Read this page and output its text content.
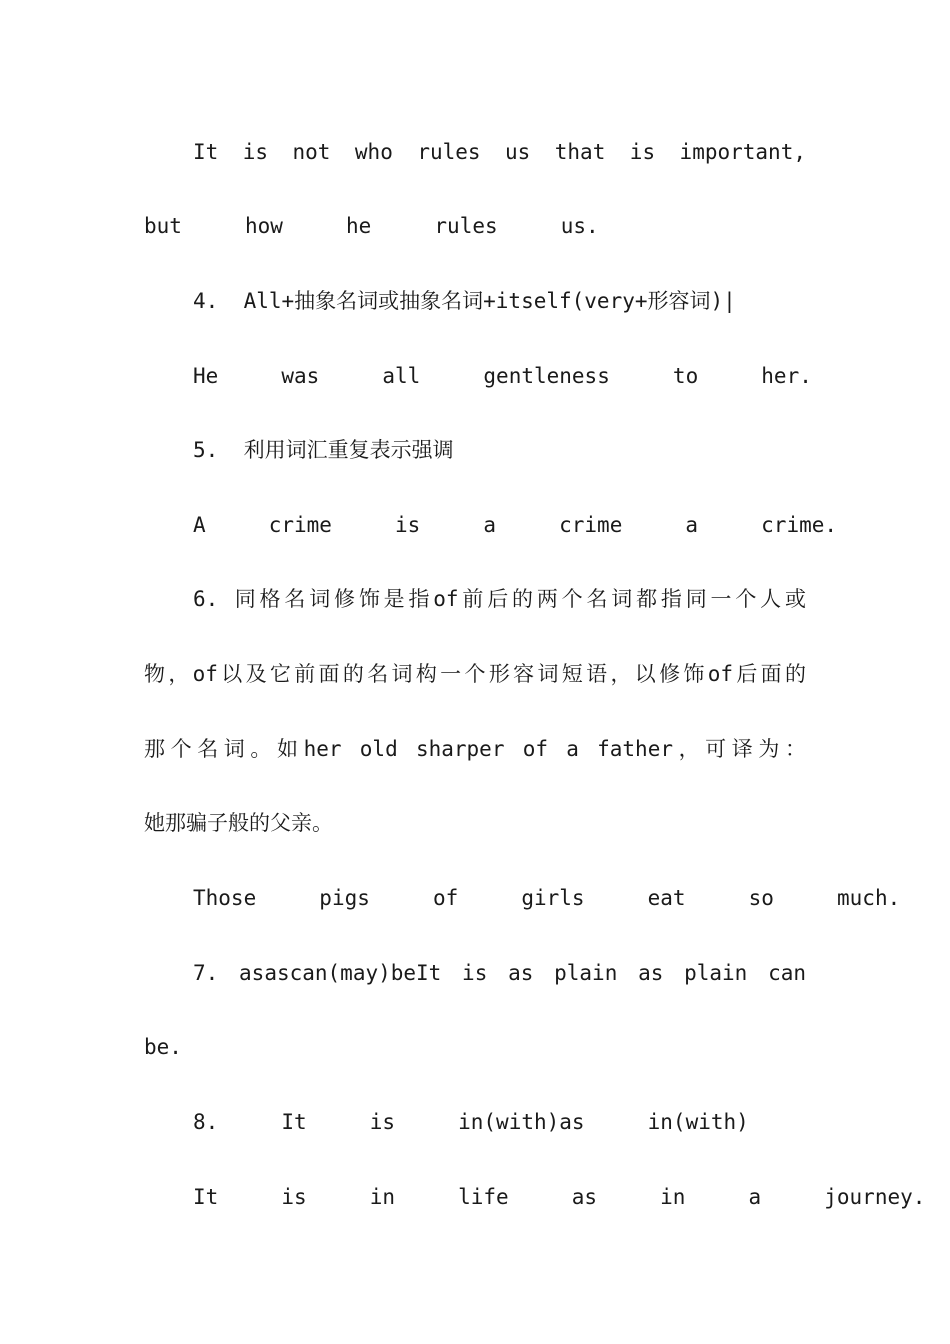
It is not who rules us that is important,

but  how  he  rules  us.

4.  All+抽象名词或抽象名词+itself(very+形容词)|

He  was  all  gentleness  to  her.

5.  利用词汇重复表示强调

A  crime  is  a  crime  a  crime.

6. 同格名词修饰是指of前后的两个名词都指同一个人或

物，of以及它前面的名词构一个形容词短语，以修饰of后面的

那个名词。如her old sharper of a father，可译为：

她那骗子般的父亲。

Those  pigs  of  girls  eat  so  much.

7. asascan(may)beIt is as plain as plain can

be.

8.  It  is  in(with)as  in(with)

It  is  in  life  as  in  a  journey.
